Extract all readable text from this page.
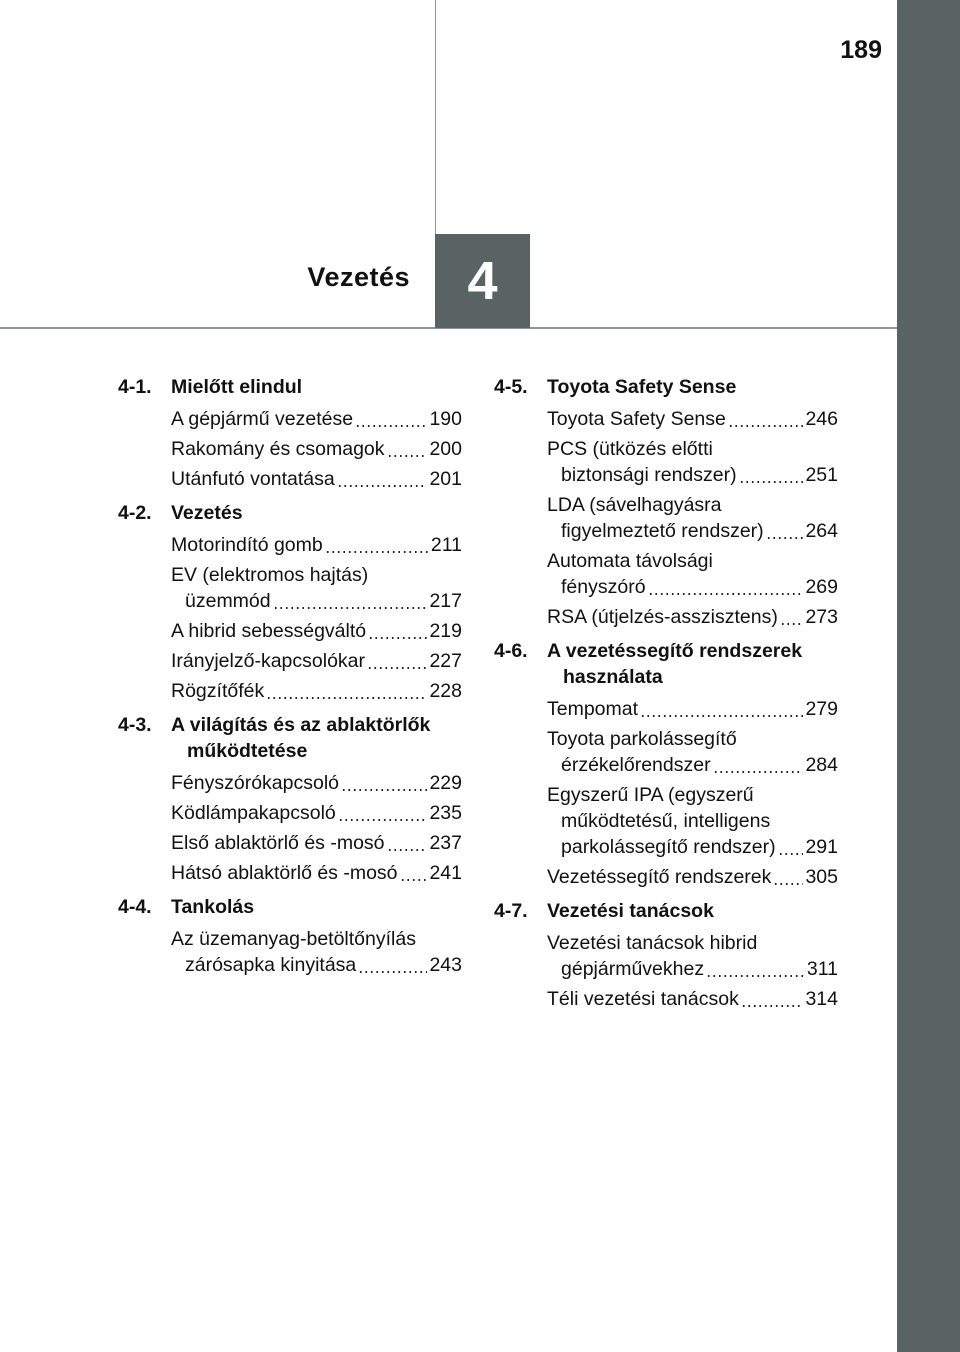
189
Vezetés	4
4-1. Mielőtt elindul
A gépjármű vezetése	190
Rakomány és csomagok	200
Utánfutó vontatása	201
4-2. Vezetés
Motorindító gomb	211
EV (elektromos hajtás) üzemmód	217
A hibrid sebességváltó	219
Irányjelző-kapcsolókar	227
Rögzítőfék	228
4-3. A világítás és az ablaktörlők működtetése
Fényszórókapcsoló	229
Ködlámpakapcsoló	235
Első ablaktörlő és -mosó	237
Hátsó ablaktörlő és -mosó	241
4-4. Tankolás
Az üzemanyag-betöltőnyílás zárósapka kinyitása	243
4-5. Toyota Safety Sense
Toyota Safety Sense	246
PCS (ütközés előtti biztonsági rendszer)	251
LDA (sávelhagyásra figyelmeztető rendszer)	264
Automata távolsági fényszóró	269
RSA (útjelzés-asszisztens)	273
4-6. A vezetéssegítő rendszerek használata
Tempomat	279
Toyota parkolássegítő érzékelőrendszer	284
Egyszerű IPA (egyszerű működtetésű, intelligens parkolássegítő rendszer)	291
Vezetéssegítő rendszerek	305
4-7. Vezetési tanácsok
Vezetési tanácsok hibrid gépjárművekhez	311
Téli vezetési tanácsok	314
